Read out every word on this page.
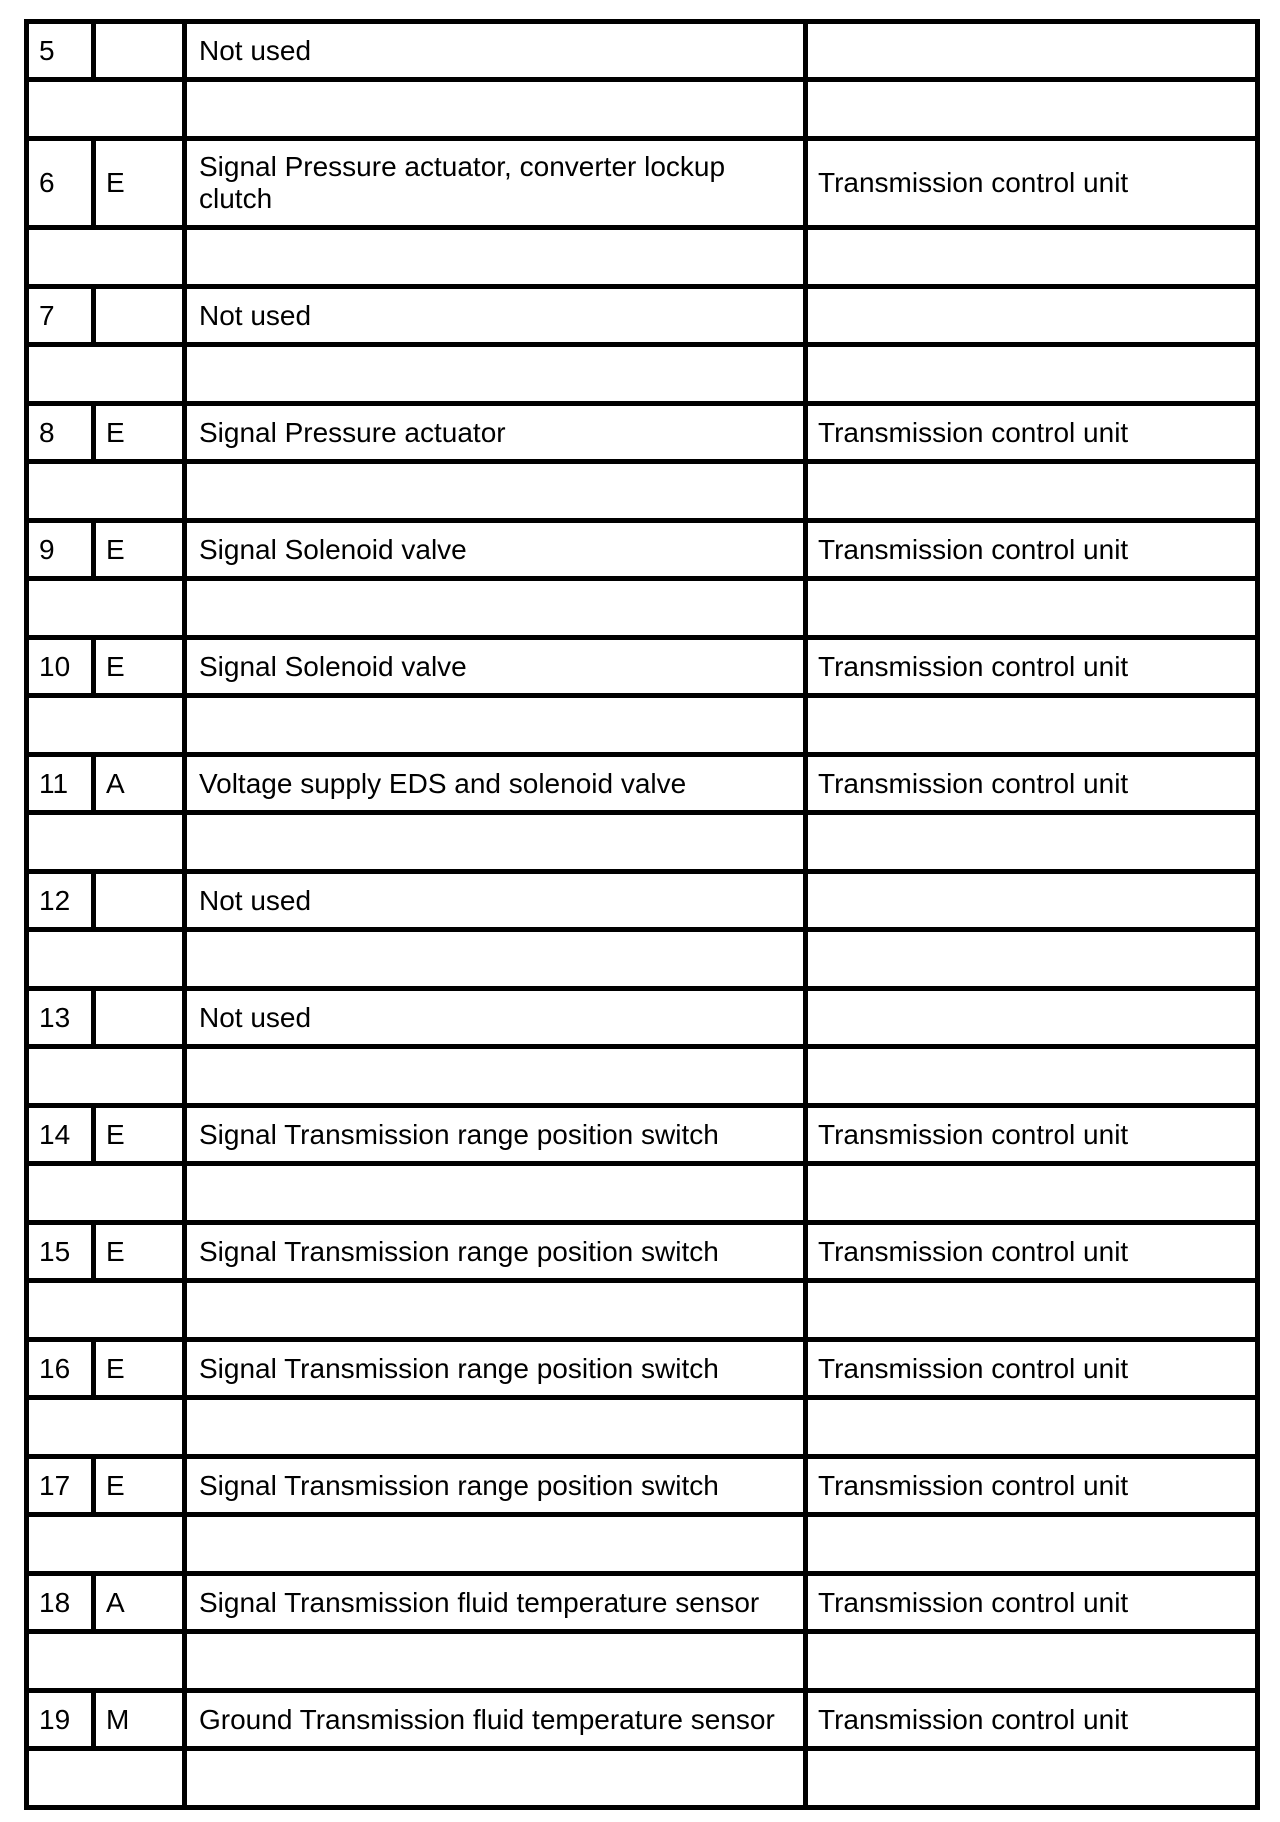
5		Not used	

6	E	Signal Pressure actuator, converter lockup clutch	Transmission control unit

7		Not used	

8	E	Signal Pressure actuator	Transmission control unit

9	E	Signal Solenoid valve	Transmission control unit

10	E	Signal Solenoid valve	Transmission control unit

11	A	Voltage supply EDS and solenoid valve	Transmission control unit

12		Not used	

13		Not used	

14	E	Signal Transmission range position switch	Transmission control unit

15	E	Signal Transmission range position switch	Transmission control unit

16	E	Signal Transmission range position switch	Transmission control unit

17	E	Signal Transmission range position switch	Transmission control unit

18	A	Signal Transmission fluid temperature sensor	Transmission control unit

19	M	Ground Transmission fluid temperature sensor	Transmission control unit
